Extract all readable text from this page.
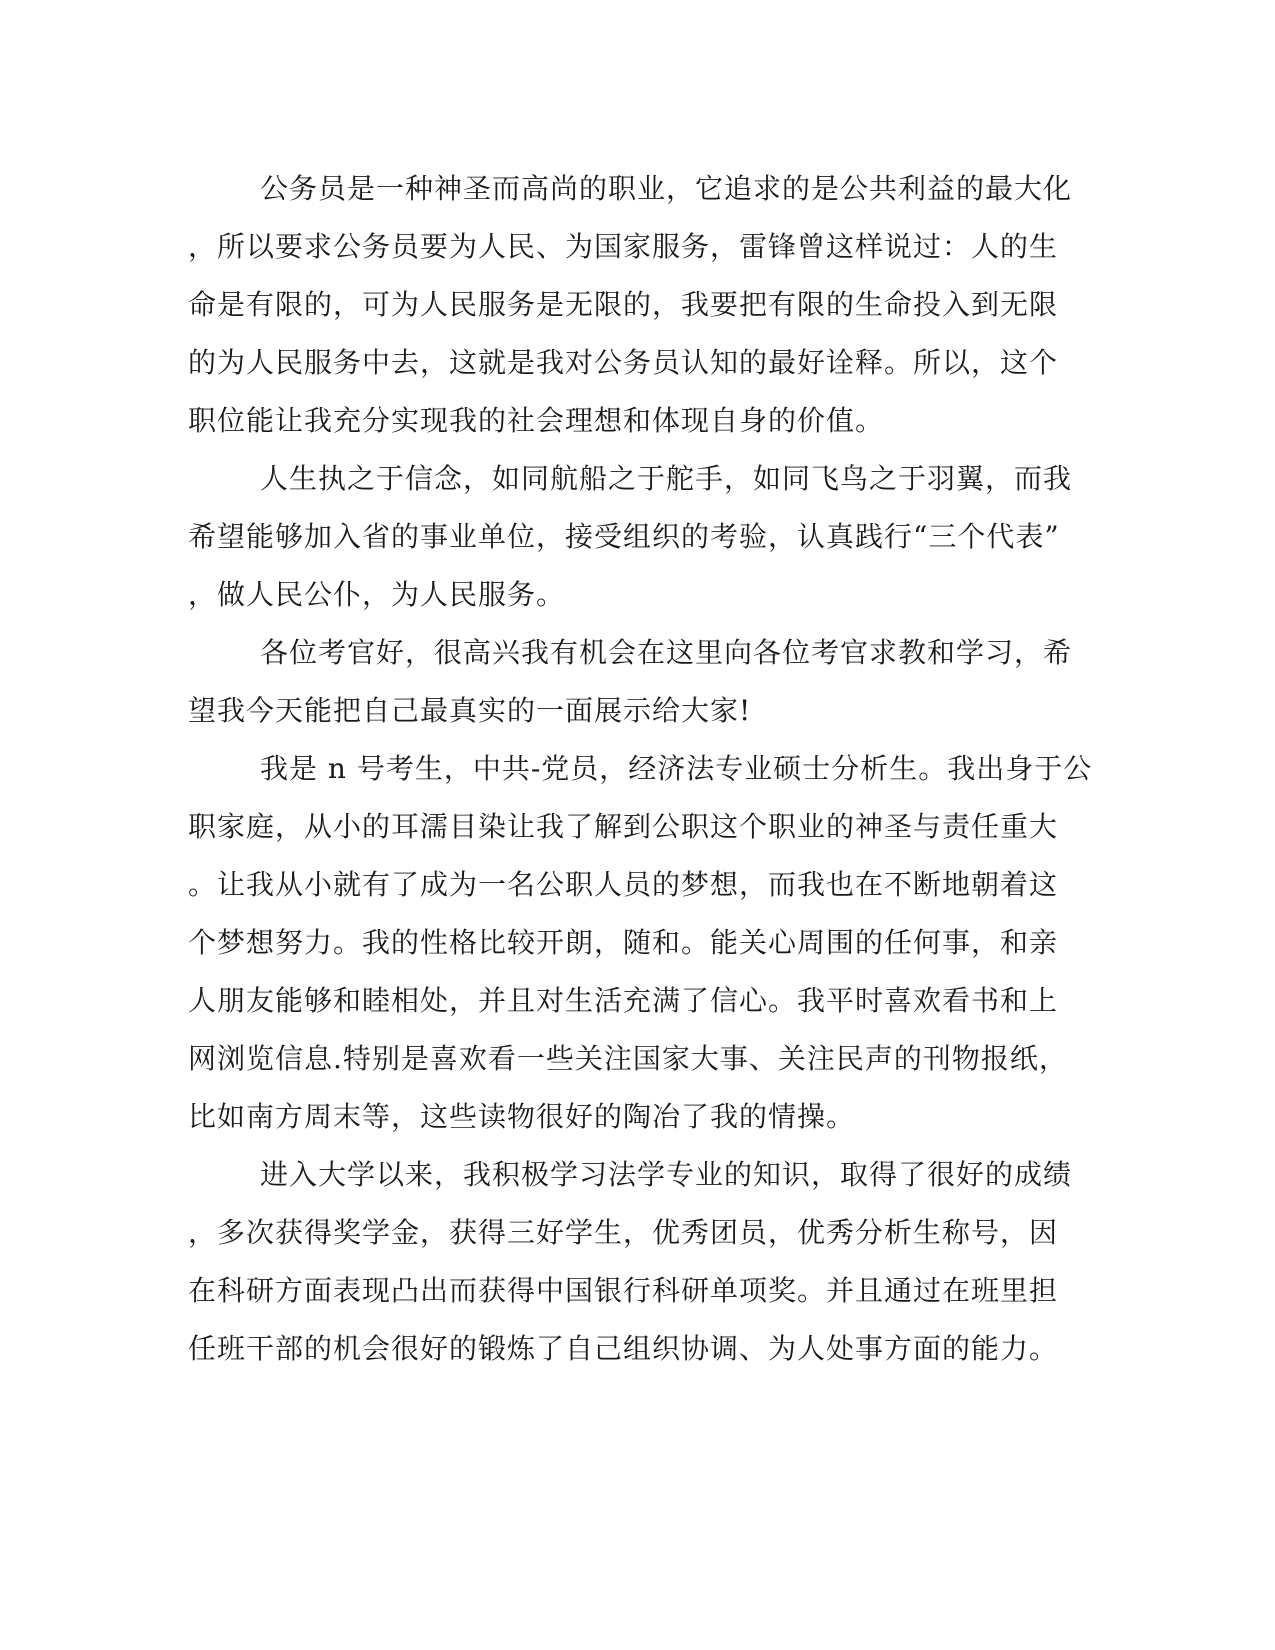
公务员是一种神圣而高尚的职业，它追求的是公共利益的最大化
，所以要求公务员要为人民、为国家服务，雷锋曾这样说过：人的生
命是有限的，可为人民服务是无限的，我要把有限的生命投入到无限
的为人民服务中去，这就是我对公务员认知的最好诠释。所以，这个
职位能让我充分实现我的社会理想和体现自身的价值。
人生执之于信念，如同航船之于舵手，如同飞鸟之于羽翼，而我
希望能够加入省的事业单位，接受组织的考验，认真践行“三个代表”
，做人民公仆，为人民服务。
各位考官好，很高兴我有机会在这里向各位考官求教和学习，希
望我今天能把自己最真实的一面展示给大家!
我是 n 号考生，中共-党员，经济法专业硕士分析生。我出身于公
职家庭，从小的耳濡目染让我了解到公职这个职业的神圣与责任重大
。让我从小就有了成为一名公职人员的梦想，而我也在不断地朝着这
个梦想努力。我的性格比较开朗，随和。能关心周围的任何事，和亲
人朋友能够和睦相处，并且对生活充满了信心。我平时喜欢看书和上
网浏览信息.特别是喜欢看一些关注国家大事、关注民声的刊物报纸，
比如南方周末等，这些读物很好的陶冶了我的情操。
进入大学以来，我积极学习法学专业的知识，取得了很好的成绩
，多次获得奖学金，获得三好学生，优秀团员，优秀分析生称号，因
在科研方面表现凸出而获得中国银行科研单项奖。并且通过在班里担
任班干部的机会很好的锻炼了自己组织协调、为人处事方面的能力。
